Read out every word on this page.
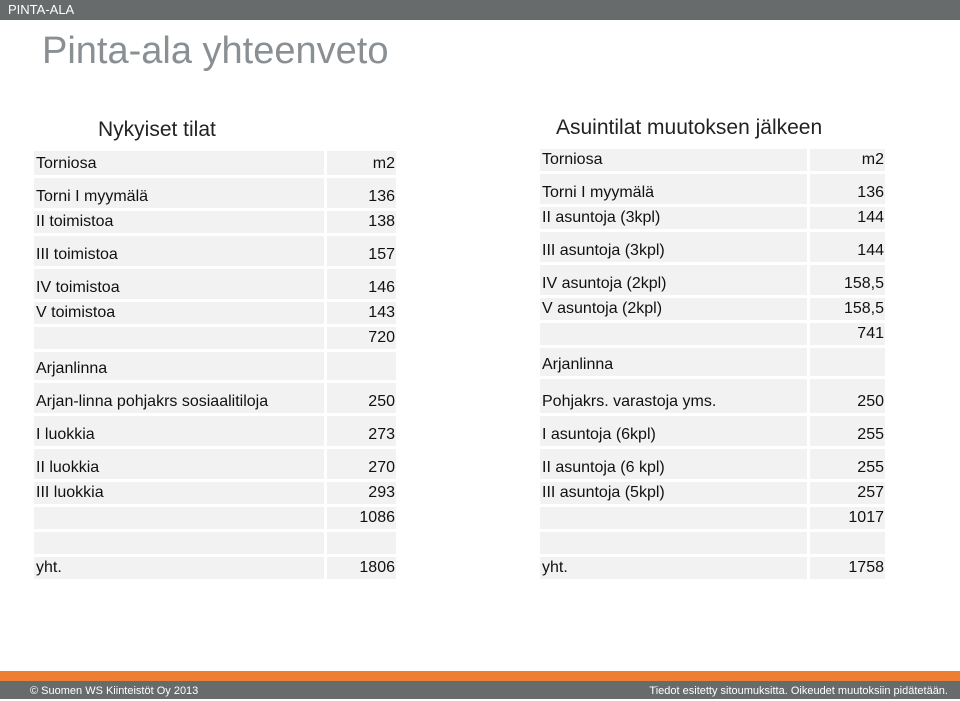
PINTA-ALA
Pinta-ala yhteenveto
Nykyiset tilat
Torniosa	m2
Torni I myymälä	136
II toimistoa	138
III toimistoa	157
IV toimistoa	146
V toimistoa	143
	720
Arjanlinna	
Arjan-linna pohjakrs sosiaalitiloja	250
I luokkia	273
II luokkia	270
III luokkia	293
	1086

yht.	1806
Asuintilat muutoksen jälkeen
Torniosa	m2
Torni I myymälä	136
II asuntoja (3kpl)	144
III asuntoja (3kpl)	144
IV asuntoja (2kpl)	158,5
V asuntoja (2kpl)	158,5
	741
Arjanlinna	
Pohjakrs. varastoja yms.	250
I asuntoja (6kpl)	255
II asuntoja (6 kpl)	255
III asuntoja (5kpl)	257
	1017

yht.	1758
© Suomen WS Kiinteistöt Oy 2013	Tiedot esitetty sitoumuksitta. Oikeudet muutoksiin pidätetään.
